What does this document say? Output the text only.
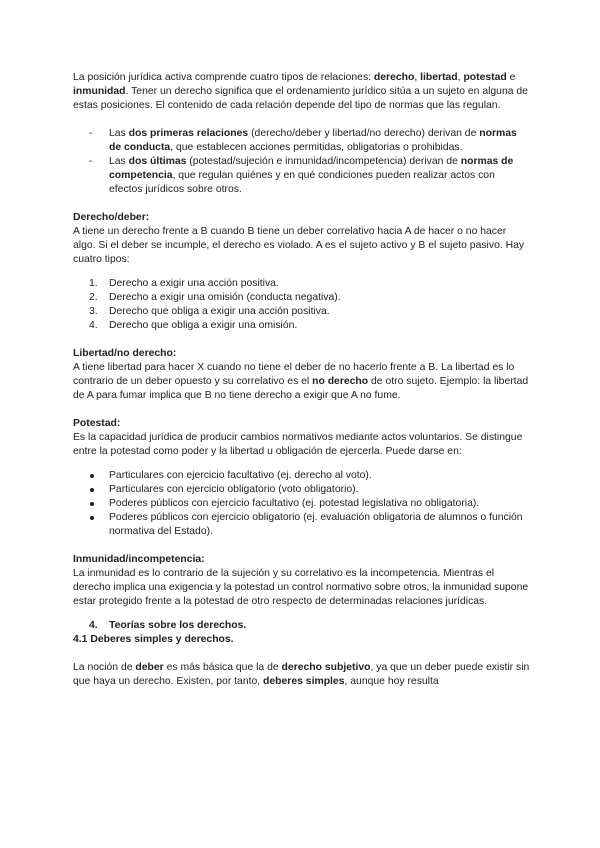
La posición jurídica activa comprende cuatro tipos de relaciones: derecho, libertad, potestad e inmunidad. Tener un derecho significa que el ordenamiento jurídico sitúa a un sujeto en alguna de estas posiciones. El contenido de cada relación depende del tipo de normas que las regulan.

- Las dos primeras relaciones (derecho/deber y libertad/no derecho) derivan de normas de conducta, que establecen acciones permitidas, obligatorias o prohibidas.
- Las dos últimas (potestad/sujeción e inmunidad/incompetencia) derivan de normas de competencia, que regulan quiénes y en qué condiciones pueden realizar actos con efectos jurídicos sobre otros.

Derecho/deber:

A tiene un derecho frente a B cuando B tiene un deber correlativo hacia A de hacer o no hacer algo. Si el deber se incumple, el derecho es violado. A es el sujeto activo y B el sujeto pasivo. Hay cuatro tipos:

1. Derecho a exigir una acción positiva.
2. Derecho a exigir una omisión (conducta negativa).
3. Derecho que obliga a exigir una acción positiva.
4. Derecho que obliga a exigir una omisión.

Libertad/no derecho:

A tiene libertad para hacer X cuando no tiene el deber de no hacerlo frente a B. La libertad es lo contrario de un deber opuesto y su correlativo es el no derecho de otro sujeto. Ejemplo: la libertad de A para fumar implica que B no tiene derecho a exigir que A no fume.

Potestad:

Es la capacidad jurídica de producir cambios normativos mediante actos voluntarios. Se distingue entre la potestad como poder y la libertad u obligación de ejercerla. Puede darse en:

Particulares con ejercicio facultativo (ej. derecho al voto).
Particulares con ejercicio obligatorio (voto obligatorio).
Poderes públicos con ejercicio facultativo (ej. potestad legislativa no obligatoria).
Poderes públicos con ejercicio obligatorio (ej. evaluación obligatoria de alumnos o función normativa del Estado).

Inmunidad/incompetencia:

La inmunidad es lo contrario de la sujeción y su correlativo es la incompetencia. Mientras el derecho implica una exigencia y la potestad un control normativo sobre otros, la inmunidad supone estar protegido frente a la potestad de otro respecto de determinadas relaciones jurídicas.

4. Teorías sobre los derechos.

4.1 Deberes simples y derechos.

La noción de deber es más básica que la de derecho subjetivo, ya que un deber puede existir sin que haya un derecho. Existen, por tanto, deberes simples, aunque hoy resulta
